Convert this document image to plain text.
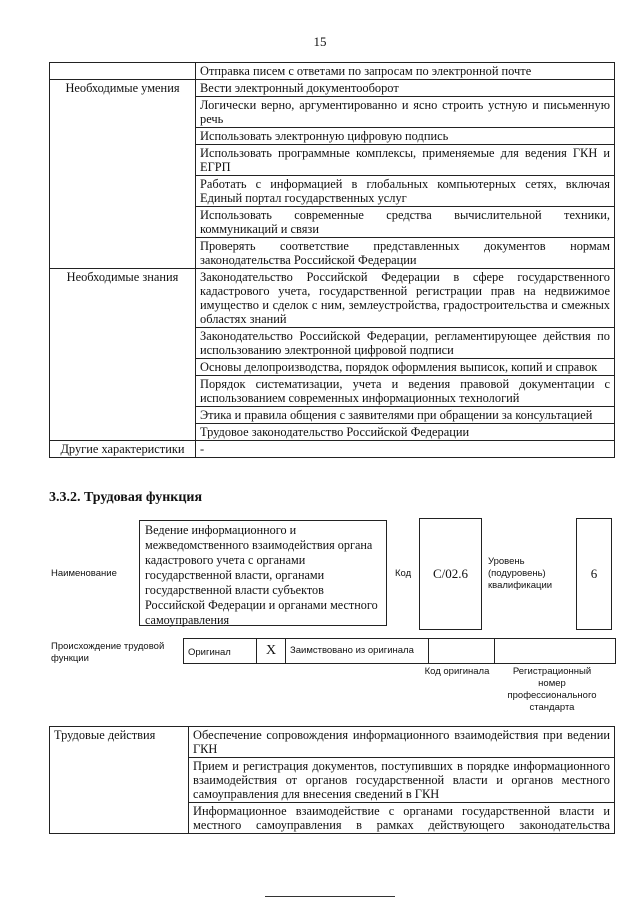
15
	Отправка писем с ответами по запросам по электронной почте
Необходимые умения	Вести электронный документооборот
	Логически верно, аргументированно и ясно строить устную и письменную речь
	Использовать электронную цифровую подпись
	Использовать программные комплексы, применяемые для ведения ГКН и ЕГРП
	Работать с информацией в глобальных компьютерных сетях, включая Единый портал государственных услуг
	Использовать современные средства вычислительной техники, коммуникаций и связи
	Проверять соответствие представленных документов нормам законодательства Российской Федерации
Необходимые знания	Законодательство Российской Федерации в сфере государственного кадастрового учета, государственной регистрации прав на недвижимое имущество и сделок с ним, землеустройства, градостроительства и смежных областях знаний
	Законодательство Российской Федерации, регламентирующее действия по использованию электронной цифровой подписи
	Основы делопроизводства, порядок оформления выписок, копий и справок
	Порядок систематизации, учета и ведения правовой документации с использованием современных информационных технологий
	Этика и правила общения с заявителями при обращении за консультацией
	Трудовое законодательство Российской Федерации
Другие характеристики	-
3.3.2. Трудовая функция
Наименование
Ведение информационного и межведомственного взаимодействия органа кадастрового учета с органами государственной власти, органами государственной власти субъектов Российской Федерации и органами местного самоуправления
Код	C/02.6
Уровень (подуровень) квалификации
6
Происхождение трудовой функции
Оригинал	X	Заимствовано из оригинала

Код оригинала	Регистрационный номер профессионального стандарта
Трудовые действия	Обеспечение сопровождения информационного взаимодействия при ведении ГКН
Прием и регистрация документов, поступивших в порядке информационного взаимодействия от органов государственной власти и органов местного самоуправления для внесения сведений в ГКН

Информационное взаимодействие с органами государственной власти и местного самоуправления в рамках действующего законодательства
